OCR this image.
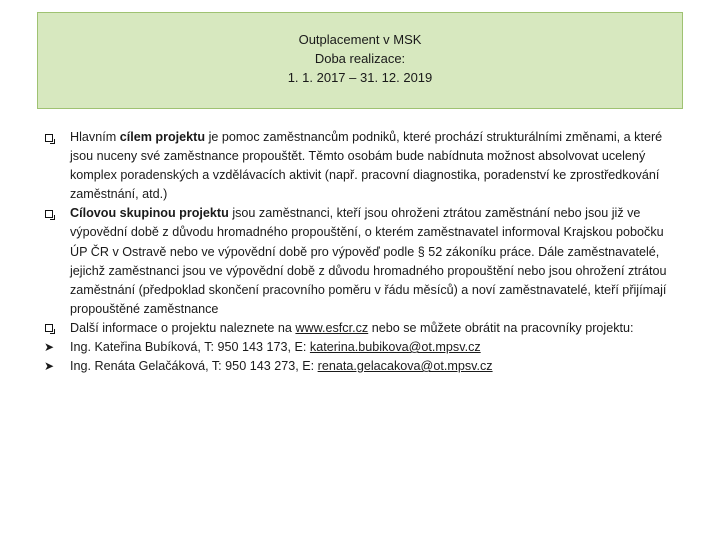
Outplacement v MSK
Doba realizace:
1. 1. 2017 – 31. 12. 2019

Hlavním cílem projektu je pomoc zaměstnancům podniků, které prochází strukturálními změnami, a které jsou nuceny své zaměstnance propouštět. Těmto osobám bude nabídnuta možnost absolvovat ucelený komplex poradenských a vzdělávacích aktivit (např. pracovní diagnostika, poradenství ke zprostředkování zaměstnání, atd.)

Cílovou skupinou projektu jsou zaměstnanci, kteří jsou ohroženi ztrátou zaměstnání nebo jsou již ve výpovědní době z důvodu hromadného propouštění, o kterém zaměstnavatel informoval Krajskou pobočku ÚP ČR v Ostravě nebo ve výpovědní době pro výpověď podle § 52 zákoníku práce. Dále zaměstnavatelé, jejichž zaměstnanci jsou ve výpovědní době z důvodu hromadného propouštění nebo jsou ohrožení ztrátou zaměstnání (předpoklad skončení pracovního poměru v řádu měsíců) a noví zaměstnavatelé, kteří přijímají propouštěné zaměstnance

Další informace o projektu naleznete na www.esfcr.cz nebo se můžete obrátit na pracovníky projektu:

➤ Ing. Kateřina Bubíková, T: 950 143 173, E: katerina.bubikova@ot.mpsv.cz

➤ Ing. Renáta Gelačáková, T: 950 143 273, E: renata.gelacakova@ot.mpsv.cz
